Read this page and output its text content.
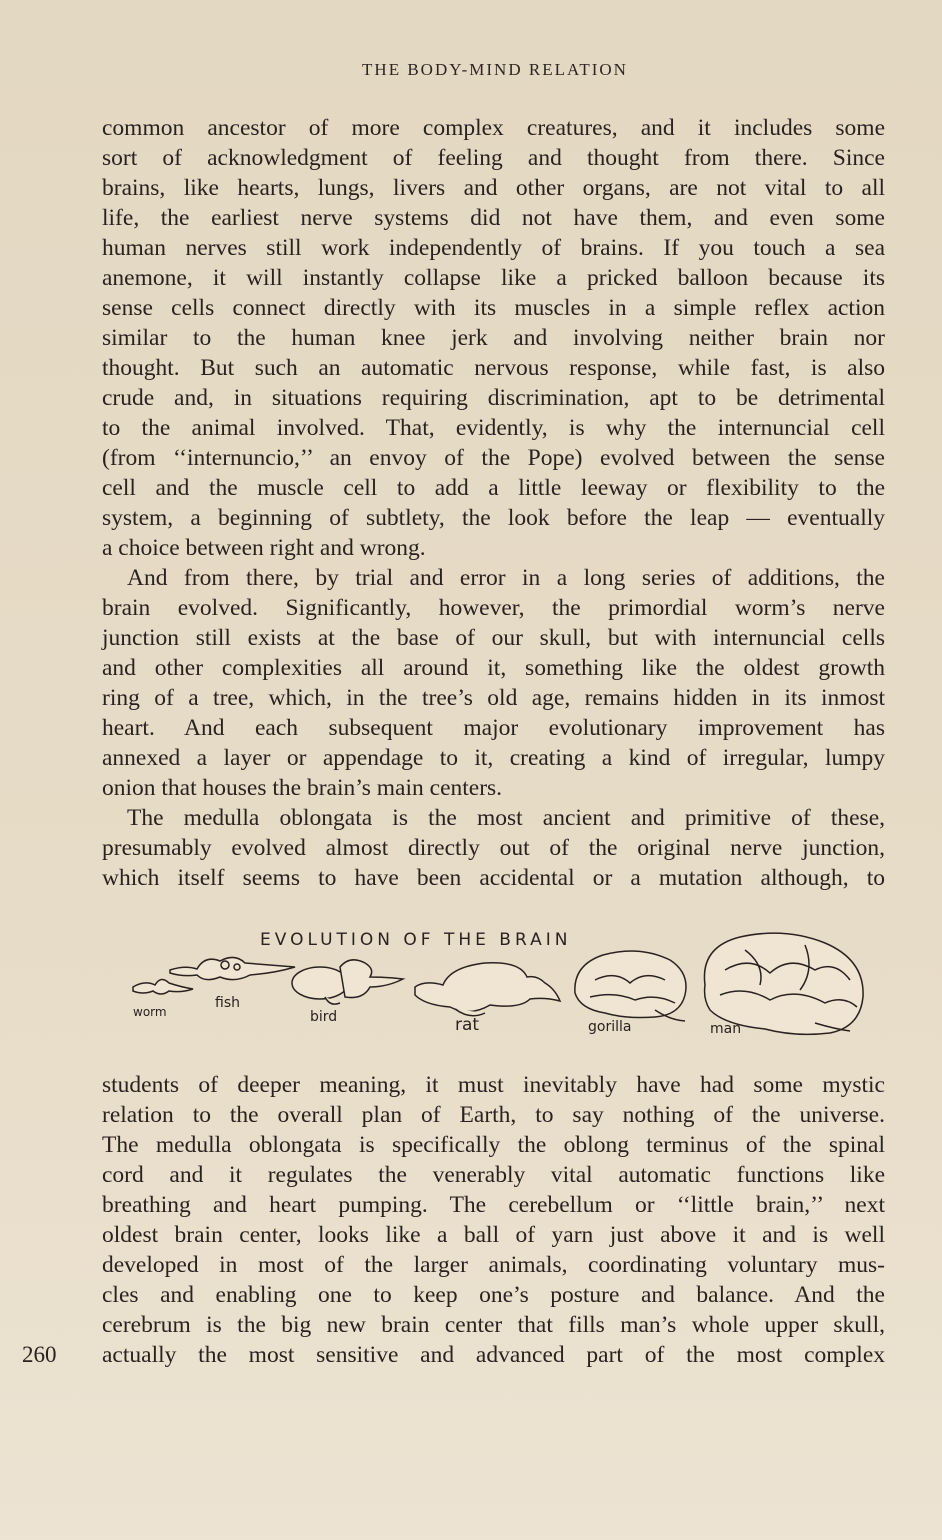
THE BODY-MIND RELATION
common ancestor of more complex creatures, and it includes some
sort of acknowledgment of feeling and thought from there. Since
brains, like hearts, lungs, livers and other organs, are not vital to all
life, the earliest nerve systems did not have them, and even some
human nerves still work independently of brains. If you touch a sea
anemone, it will instantly collapse like a pricked balloon because its
sense cells connect directly with its muscles in a simple reflex action
similar to the human knee jerk and involving neither brain nor
thought. But such an automatic nervous response, while fast, is also
crude and, in situations requiring discrimination, apt to be detrimental
to the animal involved. That, evidently, is why the internuncial cell
(from ‘‘internuncio,’’ an envoy of the Pope) evolved between the sense
cell and the muscle cell to add a little leeway or flexibility to the
system, a beginning of subtlety, the look before the leap — eventually
a choice between right and wrong.
And from there, by trial and error in a long series of additions, the
brain evolved. Significantly, however, the primordial worm’s nerve
junction still exists at the base of our skull, but with internuncial cells
and other complexities all around it, something like the oldest growth
ring of a tree, which, in the tree’s old age, remains hidden in its inmost
heart. And each subsequent major evolutionary improvement has
annexed a layer or appendage to it, creating a kind of irregular, lumpy
onion that houses the brain’s main centers.
The medulla oblongata is the most ancient and primitive of these,
presumably evolved almost directly out of the original nerve junction,
which itself seems to have been accidental or a mutation although, to
EVOLUTION OF THE BRAIN
worm
fish
bird	rat	gorilla	man
students of deeper meaning, it must inevitably have had some mystic
relation to the overall plan of Earth, to say nothing of the universe.
The medulla oblongata is specifically the oblong terminus of the spinal
cord and it regulates the venerably vital automatic functions like
breathing and heart pumping. The cerebellum or ‘‘little brain,’’ next
oldest brain center, looks like a ball of yarn just above it and is well
developed in most of the larger animals, coordinating voluntary mus-
cles and enabling one to keep one’s posture and balance. And the
cerebrum is the big new brain center that fills man’s whole upper skull,
actually the most sensitive and advanced part of the most complex
260
